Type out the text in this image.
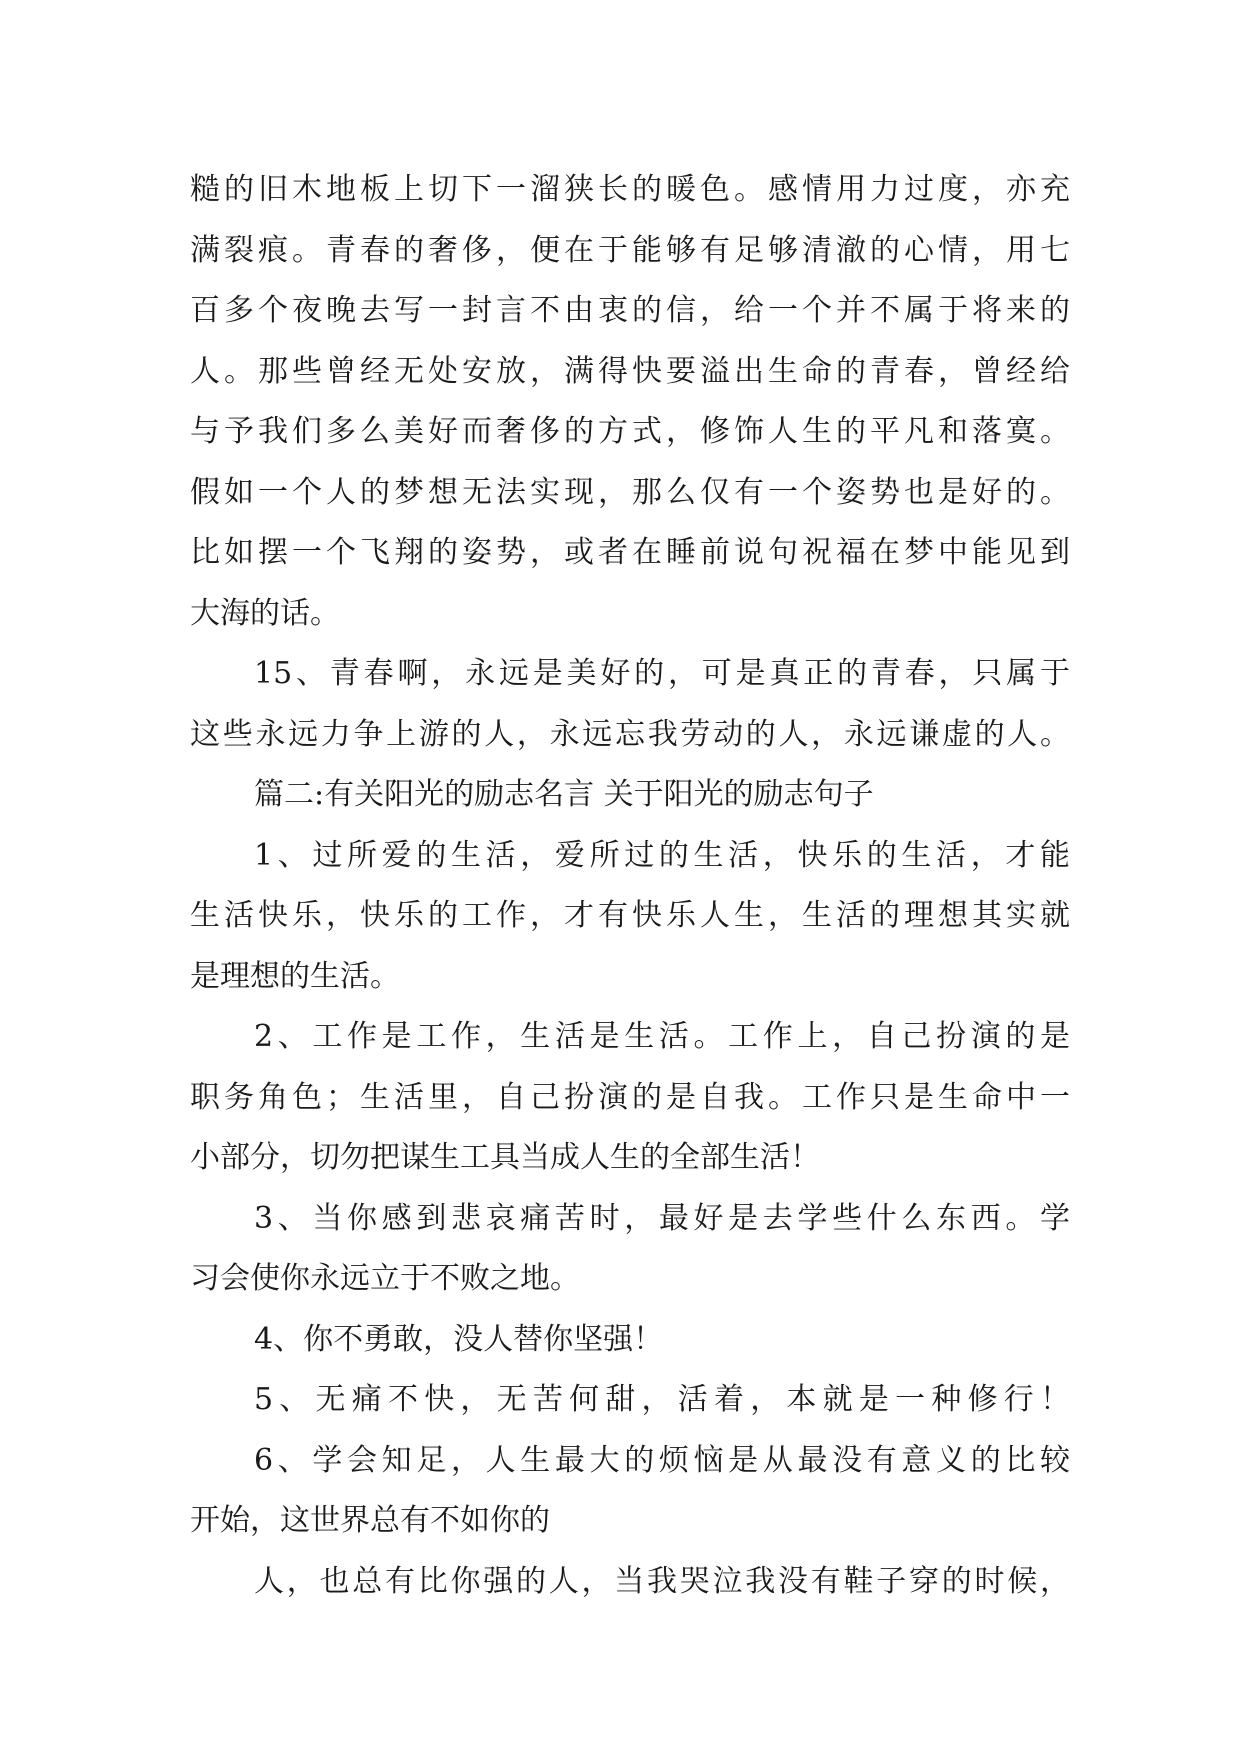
糙的旧木地板上切下一溜狭长的暖色。感情用力过度，亦充
满裂痕。青春的奢侈，便在于能够有足够清澈的心情，用七
百多个夜晚去写一封言不由衷的信，给一个并不属于将来的
人。那些曾经无处安放，满得快要溢出生命的青春，曾经给
与予我们多么美好而奢侈的方式，修饰人生的平凡和落寞。
假如一个人的梦想无法实现，那么仅有一个姿势也是好的。
比如摆一个飞翔的姿势，或者在睡前说句祝福在梦中能见到
大海的话。
15、青春啊，永远是美好的，可是真正的青春，只属于
这些永远力争上游的人，永远忘我劳动的人，永远谦虚的人。
篇二:有关阳光的励志名言 关于阳光的励志句子
1、过所爱的生活，爱所过的生活，快乐的生活，才能
生活快乐，快乐的工作，才有快乐人生，生活的理想其实就
是理想的生活。
2、工作是工作，生活是生活。工作上，自己扮演的是
职务角色；生活里，自己扮演的是自我。工作只是生命中一
小部分，切勿把谋生工具当成人生的全部生活！
3、当你感到悲哀痛苦时，最好是去学些什么东西。学
习会使你永远立于不败之地。
4、你不勇敢，没人替你坚强！
5、无痛不快，无苦何甜，活着，本就是一种修行！
6、学会知足，人生最大的烦恼是从最没有意义的比较
开始，这世界总有不如你的
人，也总有比你强的人，当我哭泣我没有鞋子穿的时候，
